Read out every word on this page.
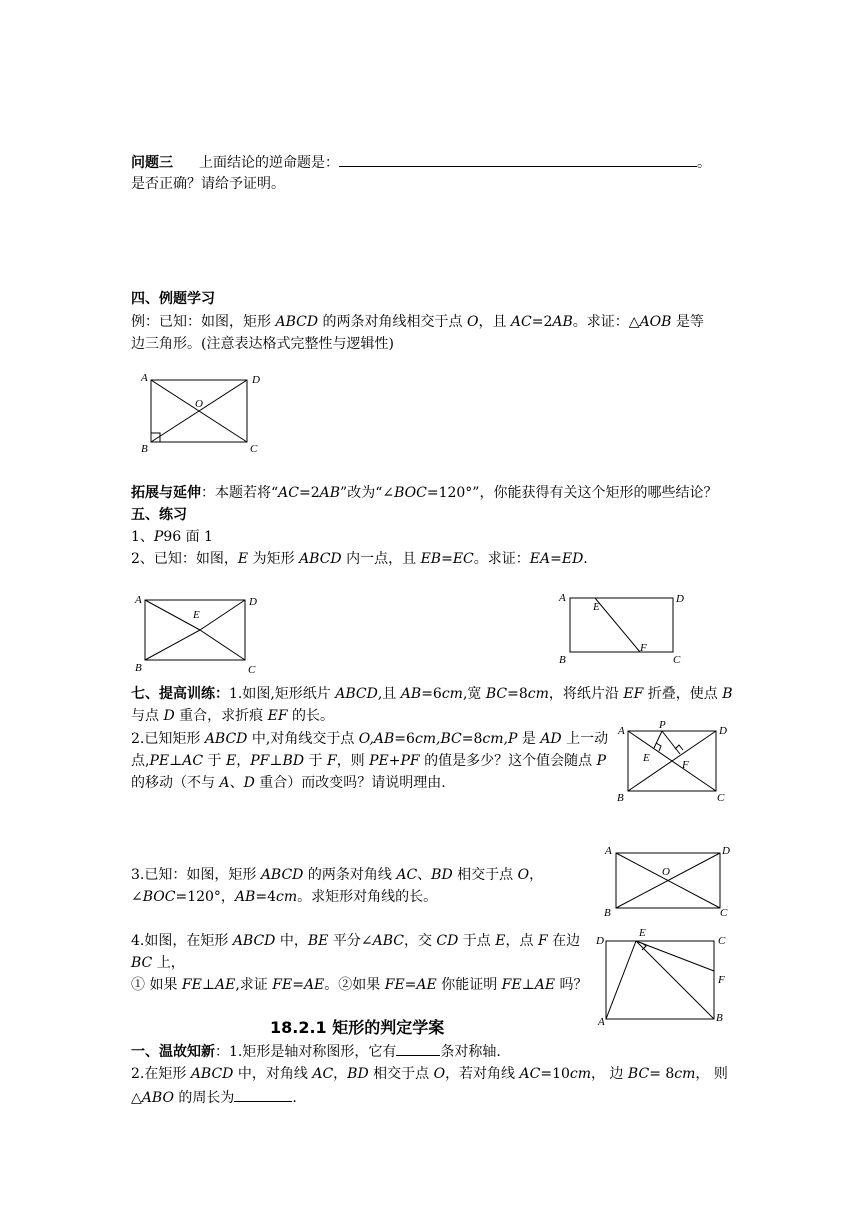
问题三 上面结论的逆命题是：	。
是否正确？请给予证明。
四、例题学习
例：已知：如图，矩形 ABCD 的两条对角线相交于点 O，且 AC=2AB。求证：△AOB 是等
边三角形。(注意表达格式完整性与逻辑性)
A	D
O
B	C
拓展与延伸：本题若将“AC=2AB”改为“∠BOC=120°”，你能获得有关这个矩形的哪些结论？
五、练习
1、P96 面 1
2、已知：如图，E 为矩形 ABCD 内一点，且 EB=EC。求证：EA=ED.
A	D
E
B	C
A	D
E
F
B	C
七、提高训练：1.如图,矩形纸片 ABCD,且 AB=6cm,宽 BC=8cm，将纸片沿 EF 折叠，使点 B
与点 D 重合，求折痕 EF 的长。
2.已知矩形 ABCD 中,对角线交于点 O,AB=6cm,BC=8cm,P 是 AD 上一动
点,PE⊥AC 于 E，PF⊥BD 于 F，则 PE+PF 的值是多少？这个值会随点 P
的移动（不与 A、D 重合）而改变吗？请说明理由.
A	P	D
E
F
B	C
3.已知：如图，矩形 ABCD 的两条对角线 AC、BD 相交于点 O，
∠BOC=120°，AB=4cm。求矩形对角线的长。
A	D
O
B	C
4.如图，在矩形 ABCD 中，BE 平分∠ABC，交 CD 于点 E，点 F 在边
BC 上，
① 如果 FE⊥AE,求证 FE=AE。②如果 FE=AE 你能证明 FE⊥AE 吗？
D
E
C
F
B
A
18.2.1 矩形的判定学案
一、温故知新：1.矩形是轴对称图形，它有	条对称轴.
2.在矩形 ABCD 中，对角线 AC，BD 相交于点 O，若对角线 AC=10cm， 边 BC= 8cm， 则
△ABO 的周长为	.
